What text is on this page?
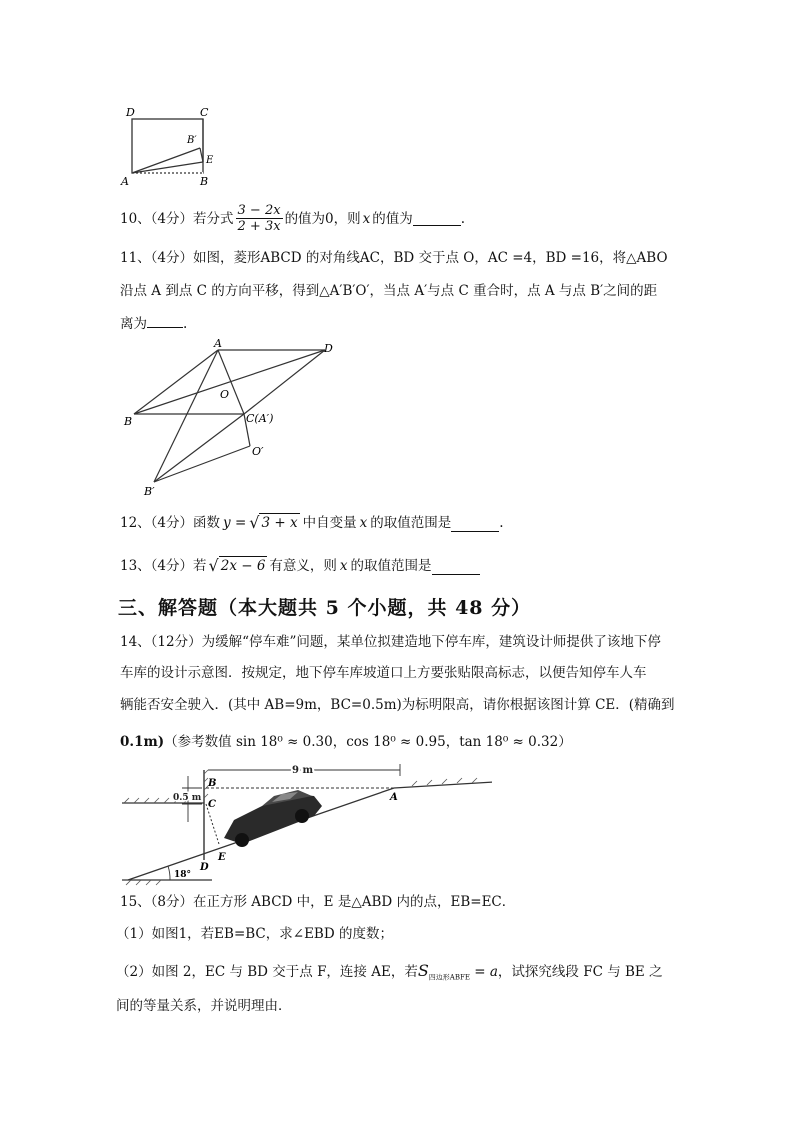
D	C
B′
E
A	B
10、（4分）若分式 $\frac{3 - 2x}{2 + 3x}$ 的值为0，则 x 的值为	.
11、（4分）如图，菱形ABCD 的对角线AC，BD 交于点 O，AC =4，BD =16，将△ABO
沿点 A 到点 C 的方向平移，得到△A′B′O′，当点 A′与点 C 重合时，点 A 与点 B′之间的距
离为	.
A	D
O
B	C(A′)
O′
B′
12、（4分）函数 y = √ 3 + x 中自变量 x 的取值范围是	.
13、（4分）若 √ 2x − 6 有意义，则 x 的取值范围是
三、解答题（本大题共 5 个小题，共 48 分）
14、（12分）为缓解“停车难”问题，某单位拟建造地下停车库，建筑设计师提供了该地下停
车库的设计示意图．按规定，地下停车库坡道口上方要张贴限高标志，以便告知停车人车
辆能否安全驶入．(其中 AB=9m，BC=0.5m)为标明限高，请你根据该图计算 CE．(精确到
0.1m)（参考数值 sin 18⁰ ≈ 0.30，cos 18⁰ ≈ 0.95，tan 18⁰ ≈ 0.32）
9 m
0.5 m
18°
B
C
A
D
E
15、（8分）在正方形 ABCD 中，E 是△ABD 内的点，EB=EC．
（1）如图1，若EB=BC，求∠EBD 的度数；
（2）如图 2，EC 与 BD 交于点 F，连接 AE，若$S_{四边形ABFE} = a$，试探究线段 FC 与 BE 之
间的等量关系，并说明理由．
